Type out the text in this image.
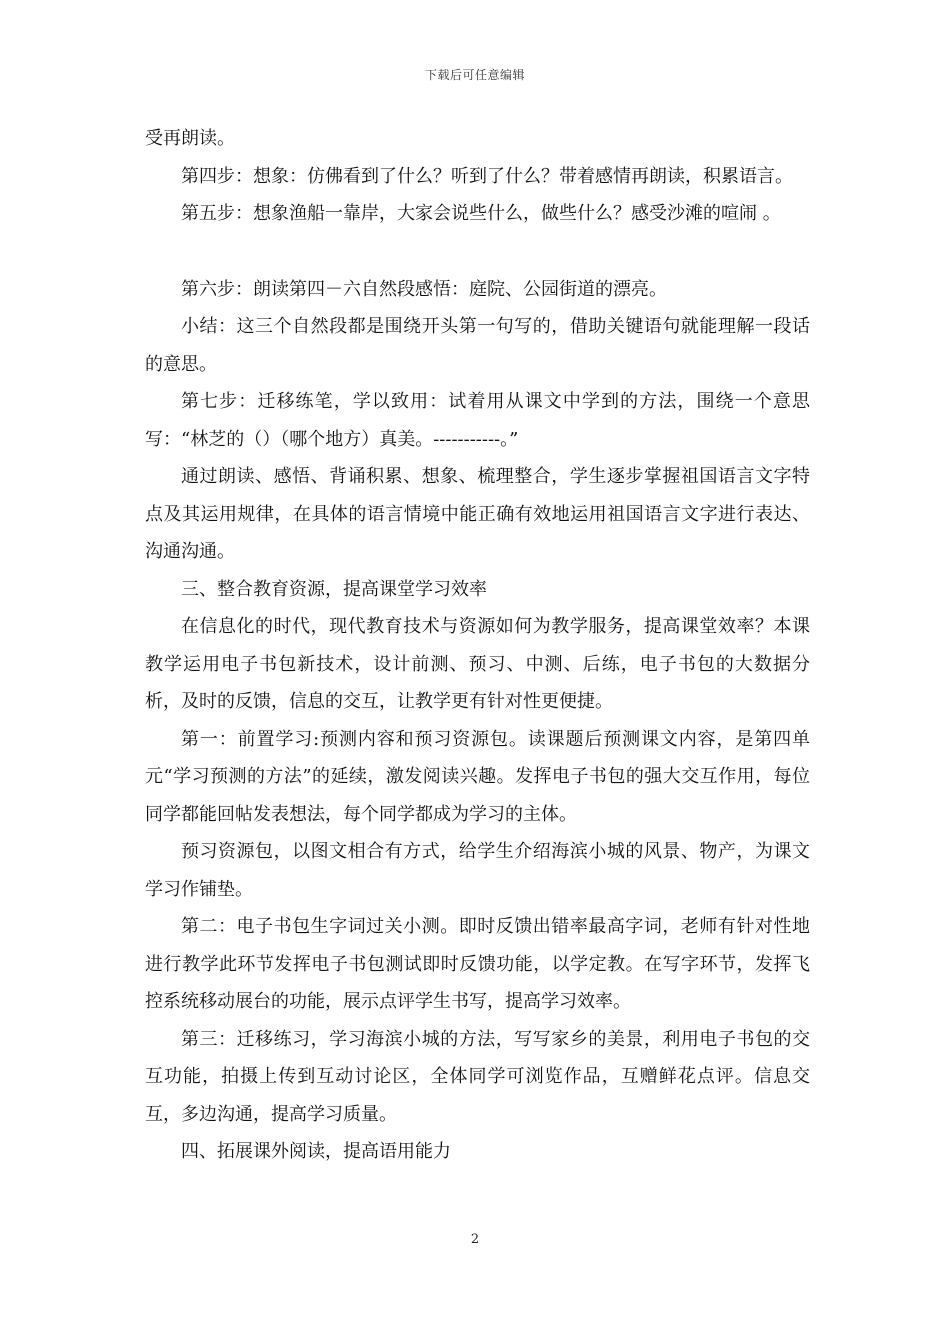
下载后可任意编辑

受再朗读。

第四步：想象：仿佛看到了什么？听到了什么？带着感情再朗读，积累语言。

第五步：想象渔船一靠岸，大家会说些什么，做些什么？感受沙滩的喧闹 。

第六步：朗读第四－六自然段感悟：庭院、公园街道的漂亮。

小结：这三个自然段都是围绕开头第一句写的，借助关键语句就能理解一段话的意思。

第七步：迁移练笔，学以致用：试着用从课文中学到的方法，围绕一个意思写：“林芝的（）（哪个地方）真美。-----------。”

通过朗读、感悟、背诵积累、想象、梳理整合，学生逐步掌握祖国语言文字特点及其运用规律，在具体的语言情境中能正确有效地运用祖国语言文字进行表达、沟通沟通。

三、整合教育资源，提高课堂学习效率

在信息化的时代，现代教育技术与资源如何为教学服务，提高课堂效率？本课教学运用电子书包新技术，设计前测、预习、中测、后练，电子书包的大数据分析，及时的反馈，信息的交互，让教学更有针对性更便捷。

第一：前置学习:预测内容和预习资源包。读课题后预测课文内容，是第四单元“学习预测的方法”的延续，激发阅读兴趣。发挥电子书包的强大交互作用，每位同学都能回帖发表想法，每个同学都成为学习的主体。

预习资源包，以图文相合有方式，给学生介绍海滨小城的风景、物产，为课文学习作铺垫。

第二：电子书包生字词过关小测。即时反馈出错率最高字词，老师有针对性地进行教学此环节发挥电子书包测试即时反馈功能，以学定教。在写字环节，发挥飞控系统移动展台的功能，展示点评学生书写，提高学习效率。

第三：迁移练习，学习海滨小城的方法，写写家乡的美景，利用电子书包的交互功能，拍摄上传到互动讨论区，全体同学可浏览作品，互赠鲜花点评。信息交互，多边沟通，提高学习质量。

四、拓展课外阅读，提高语用能力

2
